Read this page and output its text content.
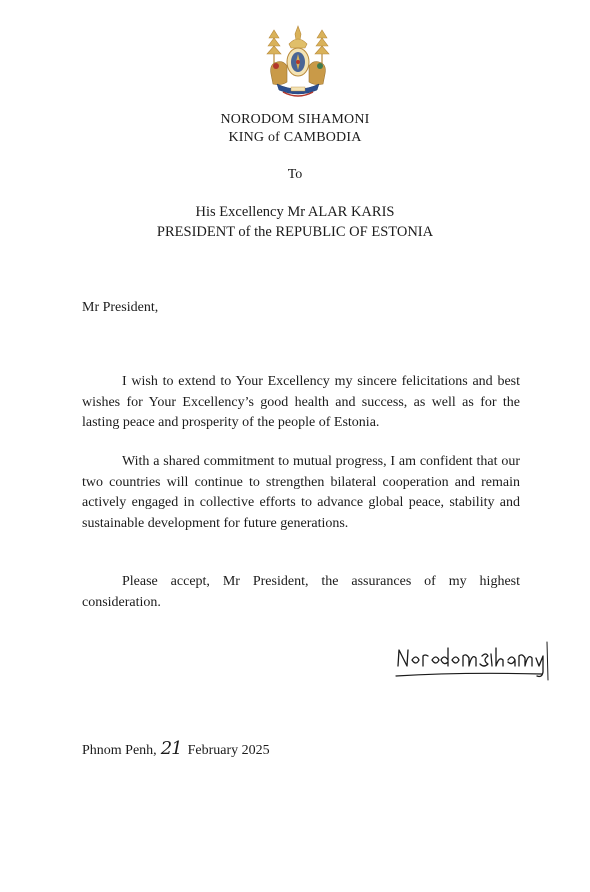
NORODOM SIHAMONI
KING of CAMBODIA
To
His Excellency Mr ALAR KARIS
PRESIDENT of the REPUBLIC OF ESTONIA
Mr President,

I wish to extend to Your Excellency my sincere felicitations and best wishes for Your Excellency’s good health and success, as well as for the lasting peace and prosperity of the people of Estonia.

With a shared commitment to mutual progress, I am confident that our two countries will continue to strengthen bilateral cooperation and remain actively engaged in collective efforts to advance global peace, stability and sustainable development for future generations.

Please accept, Mr President, the assurances of my highest consideration.

Phnom Penh, 21 February 2025
